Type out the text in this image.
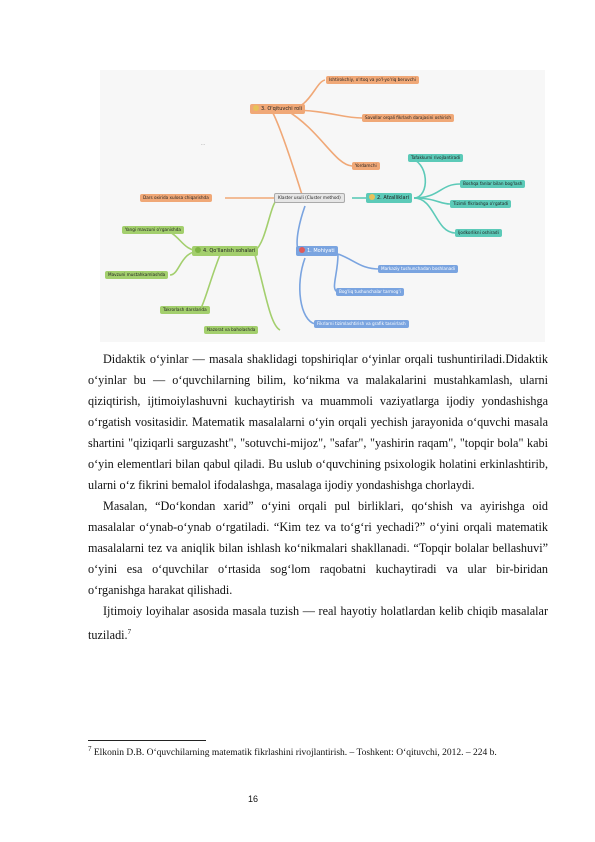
…
Klaster usuli (Cluster method)
3. O'qituvchi roli
Ishtirokchiy, o'rtoq va yo'l-yo'riq beruvchi
Savollar orqali fikrlash darajasini oshirish
Yordamchi
Dars oxirida xulosa chiqarishda	2. Afzalliklari
Tafakkurni rivojlantiradi
Boshqa fanlar bilan bog'lash
Tizimli fikrlashga o'rgatadi
Ijodkorlikni oshiradi
4. Qo'llanish sohalari
Yangi mavzuni o'rganishda
Mavzuni mustahkamlashda
Takrorlash darslarida
Nazorat va baholashda
1. Mohiyati
Markaziy tushunchadan boshlanadi
Bog'liq tushunchalar tarmog'i
Fikrlarni tizimlashtirish va grafik tasvirlash

Didaktik o‘yinlar — masala shaklidagi topshiriqlar o‘yinlar orqali tushuntiriladi.Didaktik o‘yinlar bu — o‘quvchilarning bilim, ko‘nikma va malakalarini mustahkamlash, ularni qiziqtirish, ijtimoiylashuvni kuchaytirish va muammoli vaziyatlarga ijodiy yondashishga o‘rgatish vositasidir. Matematik masalalarni o‘yin orqali yechish jarayonida o‘quvchi masala shartini "qiziqarli sarguzasht", "sotuvchi-mijoz", "safar", "yashirin raqam", "topqir bola" kabi o‘yin elementlari bilan qabul qiladi. Bu uslub o‘quvchining psixologik holatini erkinlashtirib, ularni o‘z fikrini bemalol ifodalashga, masalaga ijodiy yondashishga chorlaydi.

Masalan, “Do‘kondan xarid” o‘yini orqali pul birliklari, qo‘shish va ayirishga oid masalalar o‘ynab-o‘ynab o‘rgatiladi. “Kim tez va to‘g‘ri yechadi?” o‘yini orqali matematik masalalarni tez va aniqlik bilan ishlash ko‘nikmalari shakllanadi. “Topqir bolalar bellashuvi” o‘yini esa o‘quvchilar o‘rtasida sog‘lom raqobatni kuchaytiradi va ular bir-biridan o‘rganishga harakat qilishadi.

Ijtimoiy loyihalar asosida masala tuzish — real hayotiy holatlardan kelib chiqib masalalar tuziladi.$^7$

$^7$ Elkonin D.B. O‘quvchilarning matematik fikrlashini rivojlantirish. – Toshkent: O‘qituvchi, 2012. – 224 b.
16
